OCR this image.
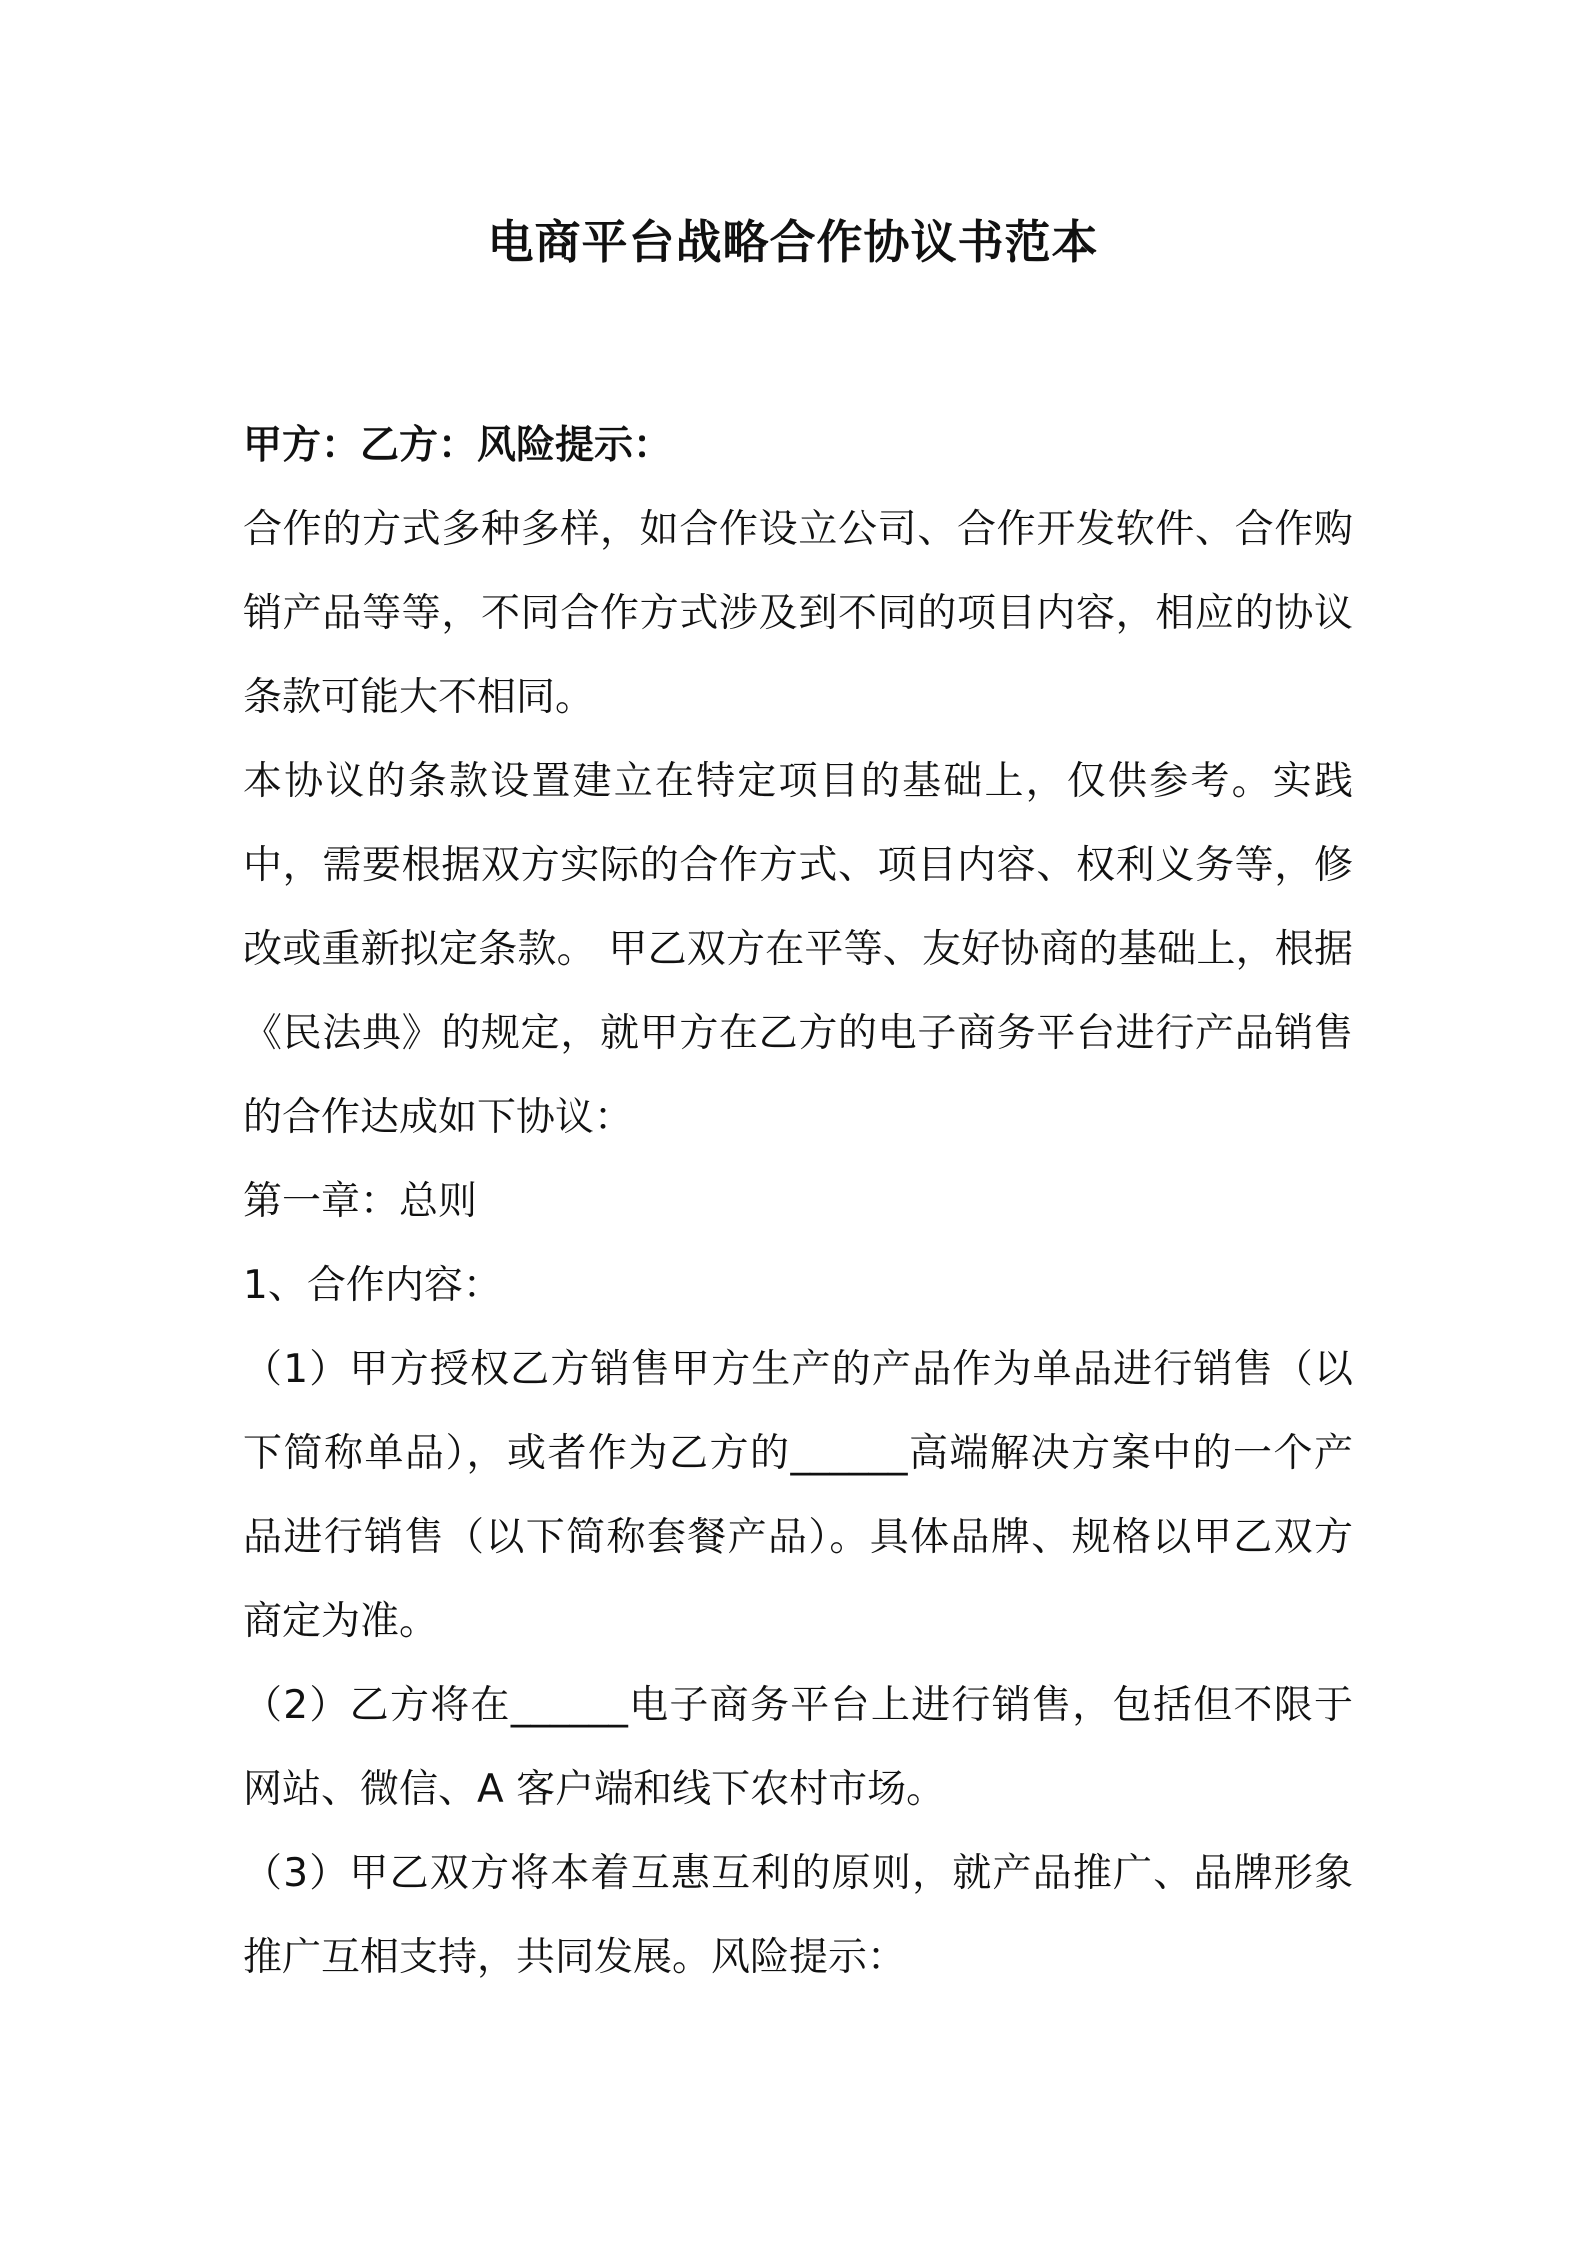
电商平台战略合作协议书范本

甲方：乙方：风险提示：

合作的方式多种多样，如合作设立公司、合作开发软件、合作购销产品等等，不同合作方式涉及到不同的项目内容，相应的协议条款可能大不相同。

本协议的条款设置建立在特定项目的基础上，仅供参考。实践中，需要根据双方实际的合作方式、项目内容、权利义务等，修改或重新拟定条款。 甲乙双方在平等、友好协商的基础上，根据《民法典》的规定，就甲方在乙方的电子商务平台进行产品销售的合作达成如下协议：

第一章：总则

1、合作内容：

（1）甲方授权乙方销售甲方生产的产品作为单品进行销售（以下简称单品），或者作为乙方的______高端解决方案中的一个产品进行销售（以下简称套餐产品）。具体品牌、规格以甲乙双方商定为准。

（2）乙方将在______电子商务平台上进行销售，包括但不限于网站、微信、A 客户端和线下农村市场。

（3）甲乙双方将本着互惠互利的原则，就产品推广、品牌形象推广互相支持，共同发展。风险提示：
